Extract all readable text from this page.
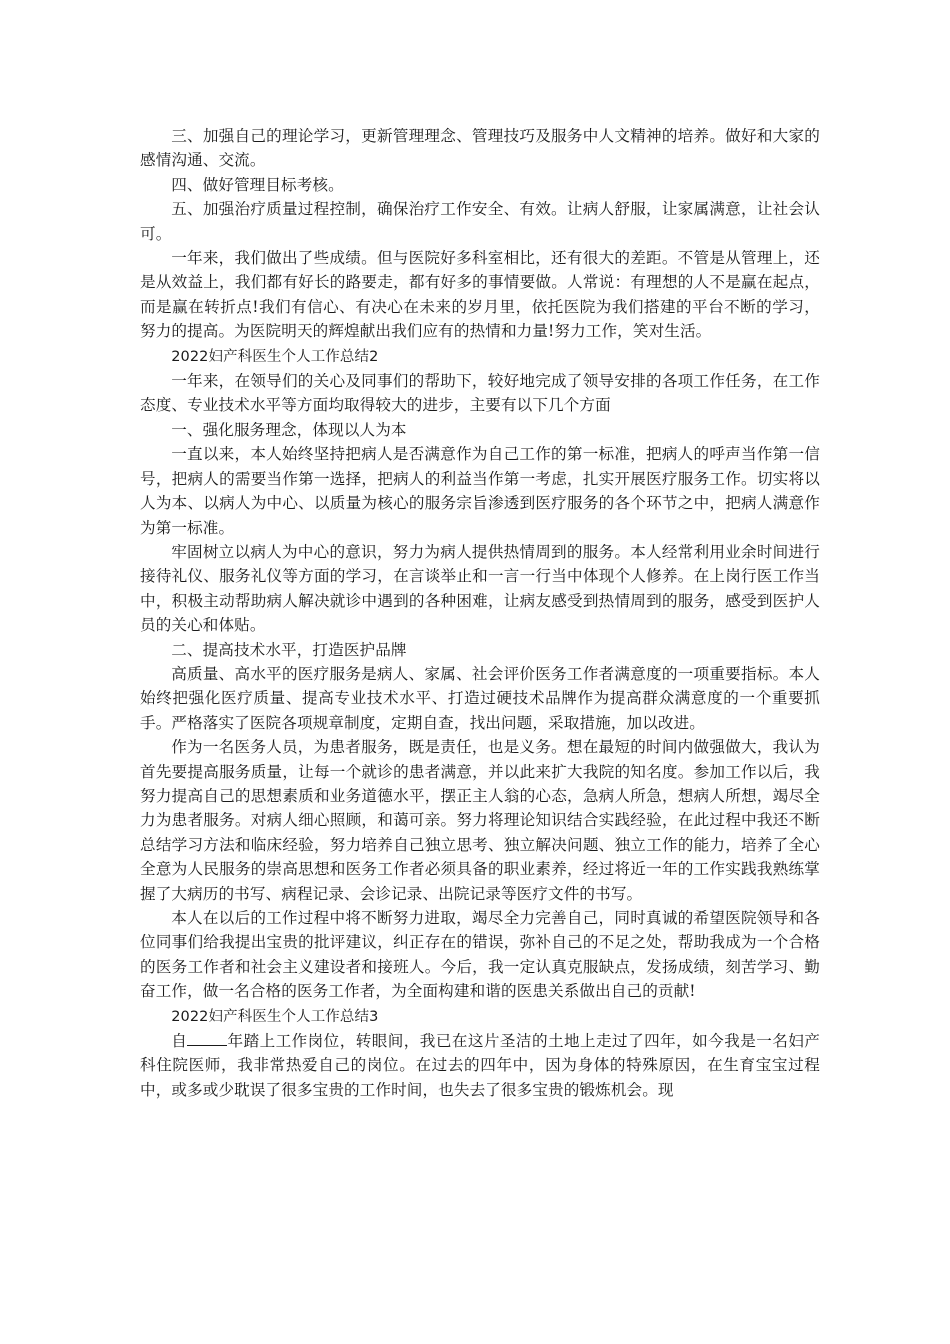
三、加强自己的理论学习，更新管理理念、管理技巧及服务中人文精神的培养。做好和大家的感情沟通、交流。

四、做好管理目标考核。

五、加强治疗质量过程控制，确保治疗工作安全、有效。让病人舒服，让家属满意，让社会认可。

一年来，我们做出了些成绩。但与医院好多科室相比，还有很大的差距。不管是从管理上，还是从效益上，我们都有好长的路要走，都有好多的事情要做。人常说：有理想的人不是赢在起点，而是赢在转折点!我们有信心、有决心在未来的岁月里，依托医院为我们搭建的平台不断的学习，努力的提高。为医院明天的辉煌献出我们应有的热情和力量!努力工作，笑对生活。

2022妇产科医生个人工作总结2

一年来，在领导们的关心及同事们的帮助下，较好地完成了领导安排的各项工作任务，在工作态度、专业技术水平等方面均取得较大的进步，主要有以下几个方面

一、强化服务理念，体现以人为本

一直以来，本人始终坚持把病人是否满意作为自己工作的第一标准，把病人的呼声当作第一信号，把病人的需要当作第一选择，把病人的利益当作第一考虑，扎实开展医疗服务工作。切实将以人为本、以病人为中心、以质量为核心的服务宗旨渗透到医疗服务的各个环节之中，把病人满意作为第一标准。

牢固树立以病人为中心的意识，努力为病人提供热情周到的服务。本人经常利用业余时间进行接待礼仪、服务礼仪等方面的学习，在言谈举止和一言一行当中体现个人修养。在上岗行医工作当中，积极主动帮助病人解决就诊中遇到的各种困难，让病友感受到热情周到的服务，感受到医护人员的关心和体贴。

二、提高技术水平，打造医护品牌

高质量、高水平的医疗服务是病人、家属、社会评价医务工作者满意度的一项重要指标。本人始终把强化医疗质量、提高专业技术水平、打造过硬技术品牌作为提高群众满意度的一个重要抓手。严格落实了医院各项规章制度，定期自查，找出问题，采取措施，加以改进。

作为一名医务人员，为患者服务，既是责任，也是义务。想在最短的时间内做强做大，我认为首先要提高服务质量，让每一个就诊的患者满意，并以此来扩大我院的知名度。参加工作以后，我努力提高自己的思想素质和业务道德水平，摆正主人翁的心态，急病人所急，想病人所想，竭尽全力为患者服务。对病人细心照顾，和蔼可亲。努力将理论知识结合实践经验，在此过程中我还不断总结学习方法和临床经验，努力培养自己独立思考、独立解决问题、独立工作的能力，培养了全心全意为人民服务的崇高思想和医务工作者必须具备的职业素养，经过将近一年的工作实践我熟练掌握了大病历的书写、病程记录、会诊记录、出院记录等医疗文件的书写。

本人在以后的工作过程中将不断努力进取，竭尽全力完善自己，同时真诚的希望医院领导和各位同事们给我提出宝贵的批评建议，纠正存在的错误，弥补自己的不足之处，帮助我成为一个合格的医务工作者和社会主义建设者和接班人。今后，我一定认真克服缺点，发扬成绩，刻苦学习、勤奋工作，做一名合格的医务工作者，为全面构建和谐的医患关系做出自己的贡献!

2022妇产科医生个人工作总结3

自	年踏上工作岗位，转眼间，我已在这片圣洁的土地上走过了四年，如今我是一名妇产科住院医师，我非常热爱自己的岗位。在过去的四年中，因为身体的特殊原因，在生育宝宝过程中，或多或少耽误了很多宝贵的工作时间，也失去了很多宝贵的锻炼机会。现
